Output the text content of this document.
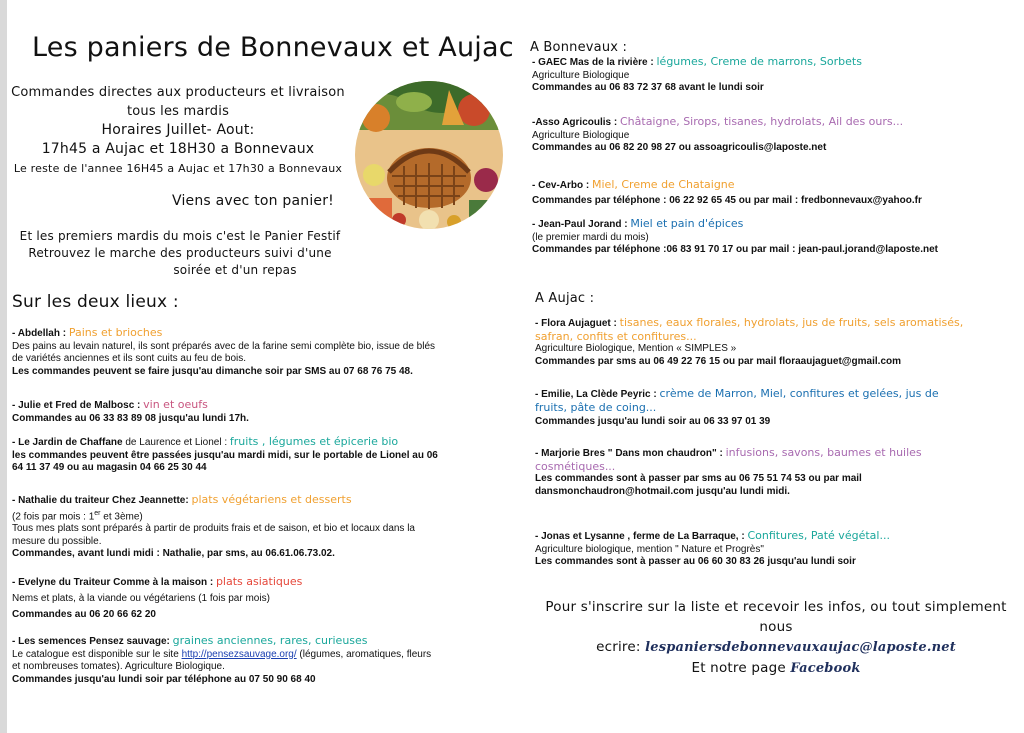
Les paniers de Bonnevaux et Aujac
Commandes directes aux producteurs et livraison
tous les mardis
Horaires Juillet- Aout:
17h45 a Aujac et 18H30 a Bonnevaux
Le reste de l'annee 16H45 a Aujac et 17h30 a Bonnevaux
Viens avec ton panier!
Et les premiers mardis du mois c'est le Panier Festif
Retrouvez le marche des producteurs suivi d'une
soirée et d'un repas
Sur les deux lieux :
- Abdellah : Pains et brioches
Des pains au levain naturel, ils sont préparés avec de la farine semi complète bio, issue de blés
de variétés anciennes et ils sont cuits au feu de bois.
Les commandes peuvent se faire jusqu'au dimanche soir par SMS au 07 68 76 75 48.
- Julie et Fred de Malbosc : vin et oeufs
Commandes au 06 33 83 89 08 jusqu'au lundi 17h.
- Le Jardin de Chaffane de Laurence et Lionel : fruits , légumes et épicerie bio
les commandes peuvent être passées jusqu'au mardi midi, sur le portable de Lionel au 06
64 11 37 49 ou au magasin 04 66 25 30 44
- Nathalie du traiteur Chez Jeannette: plats végétariens et desserts
(2 fois par mois : 1er et 3ème)
Tous mes plats sont préparés à partir de produits frais et de saison, et bio et locaux dans la
mesure du possible.
Commandes, avant lundi midi : Nathalie, par sms, au 06.61.06.73.02.
- Evelyne du Traiteur Comme à la maison : plats asiatiques
Nems et plats, à la viande ou végétariens (1 fois par mois)
Commandes au 06 20 66 62 20
- Les semences Pensez sauvage: graines anciennes, rares, curieuses
Le catalogue est disponible sur le site http://pensezsauvage.org/ (légumes, aromatiques, fleurs
et nombreuses tomates). Agriculture Biologique.
Commandes jusqu'au lundi soir par téléphone au 07 50 90 68 40
A Bonnevaux :
- GAEC Mas de la rivière : légumes, Creme de marrons, Sorbets
Agriculture Biologique
Commandes au 06 83 72 37 68 avant le lundi soir
-Asso Agricoulis : Châtaigne, Sirops, tisanes, hydrolats, Ail des ours...
Agriculture Biologique
Commandes au 06 82 20 98 27 ou assoagricoulis@laposte.net
- Cev-Arbo : Miel, Creme de Chataigne
Commandes par téléphone : 06 22 92 65 45 ou par mail : fredbonnevaux@yahoo.fr
- Jean-Paul Jorand : Miel et pain d'épices
(le premier mardi du mois)
Commandes par téléphone :06 83 91 70 17 ou par mail : jean-paul.jorand@laposte.net
A Aujac :
- Flora Aujaguet : tisanes, eaux florales, hydrolats, jus de fruits, sels aromatisés,
safran, confits et confitures...
Agriculture Biologique, Mention « SIMPLES »
Commandes par sms au 06 49 22 76 15 ou par mail floraaujaguet@gmail.com
- Emilie, La Clède Peyric : crème de Marron, Miel, confitures et gelées, jus de
fruits, pâte de coing...
Commandes jusqu'au lundi soir au 06 33 97 01 39
- Marjorie Bres " Dans mon chaudron" : infusions, savons, baumes et huiles
cosmétiques...
Les commandes sont à passer par sms au 06 75 51 74 53 ou par mail
dansmonchaudron@hotmail.com jusqu'au lundi midi.
- Jonas et Lysanne , ferme de La Barraque, : Confitures, Paté végétal...
Agriculture biologique, mention " Nature et Progrès"
Les commandes sont à passer au 06 60 30 83 26 jusqu'au lundi soir
Pour s'inscrire sur la liste et recevoir les infos, ou tout simplement nous
ecrire: lespaniersdebonnevauxaujac@laposte.net
Et notre page Facebook
